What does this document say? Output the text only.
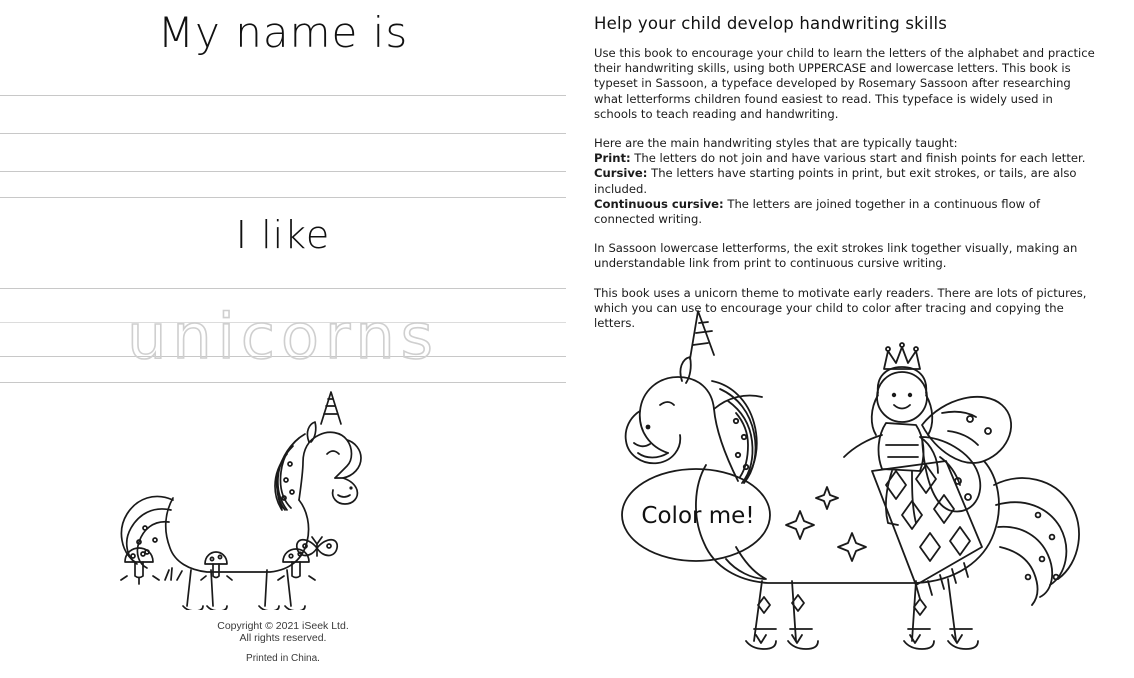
My name is
I like
unicorns
Copyright © 2021 iSeek Ltd.
All rights reserved.
Printed in China.
Help your child develop handwriting skills

Use this book to encourage your child to learn the letters of the alphabet and practice their handwriting skills, using both UPPERCASE and lowercase letters. This book is typeset in Sassoon, a typeface developed by Rosemary Sassoon after researching what letterforms children found easiest to read. This typeface is widely used in schools to teach reading and handwriting.

Here are the main handwriting styles that are typically taught:
Print: The letters do not join and have various start and finish points for each letter.
Cursive: The letters have starting points in print, but exit strokes, or tails, are also included.
Continuous cursive: The letters are joined together in a continuous flow of connected writing.

In Sassoon lowercase letterforms, the exit strokes link together visually, making an understandable link from print to continuous cursive writing.

This book uses a unicorn theme to motivate early readers. There are lots of pictures, which you can use to encourage your child to color after tracing and copying the letters.

Color me!
